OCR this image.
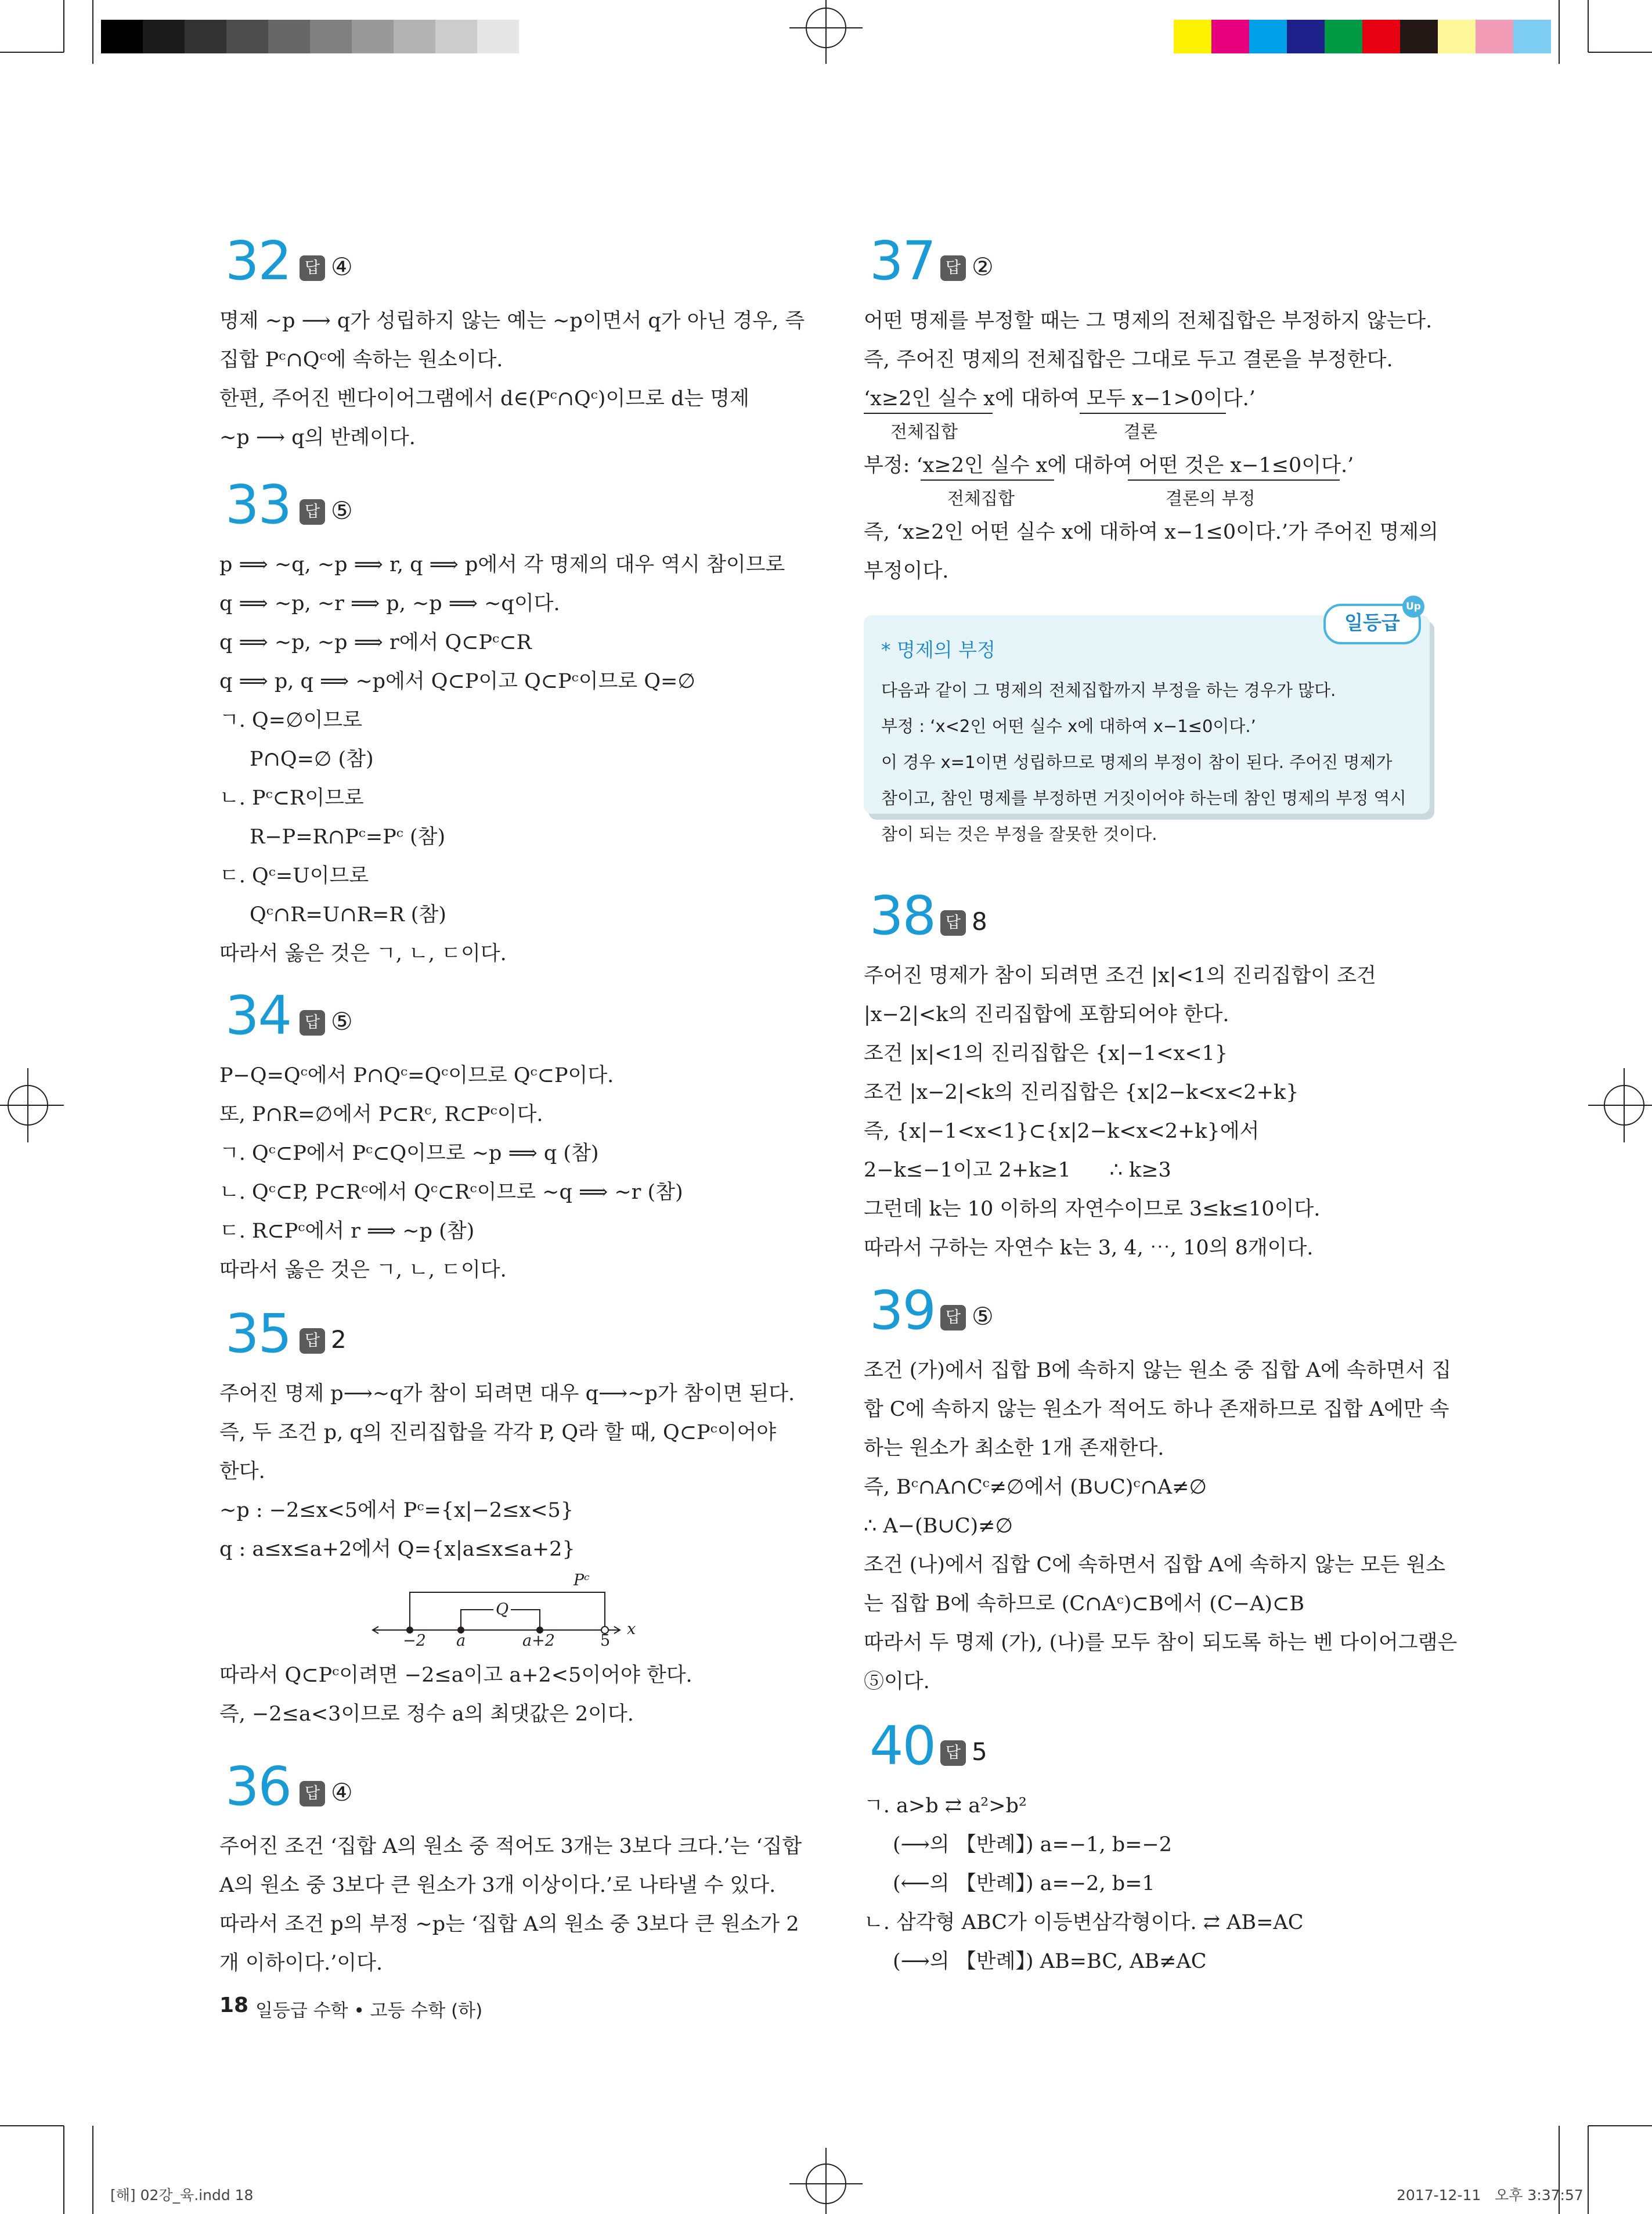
32 답 ④
명제 ~p ⟶ q가 성립하지 않는 예는 ~p이면서 q가 아닌 경우, 즉
집합 Pᶜ∩Qᶜ에 속하는 원소이다.
한편, 주어진 벤다이어그램에서 d∈(Pᶜ∩Qᶜ)이므로 d는 명제
~p ⟶ q의 반례이다.
33 답 ⑤
p ⟹ ~q, ~p ⟹ r, q ⟹ p에서 각 명제의 대우 역시 참이므로
q ⟹ ~p, ~r ⟹ p, ~p ⟹ ~q이다.
q ⟹ ~p, ~p ⟹ r에서 Q⊂Pᶜ⊂R
q ⟹ p, q ⟹ ~p에서 Q⊂P이고 Q⊂Pᶜ이므로 Q=∅
ㄱ. Q=∅이므로
P∩Q=∅ (참)
ㄴ. Pᶜ⊂R이므로
R−P=R∩Pᶜ=Pᶜ (참)
ㄷ. Qᶜ=U이므로
Qᶜ∩R=U∩R=R (참)
따라서 옳은 것은 ㄱ, ㄴ, ㄷ이다.
34 답 ⑤
P−Q=Qᶜ에서 P∩Qᶜ=Qᶜ이므로 Qᶜ⊂P이다.
또, P∩R=∅에서 P⊂Rᶜ, R⊂Pᶜ이다.
ㄱ. Qᶜ⊂P에서 Pᶜ⊂Q이므로 ~p ⟹ q (참)
ㄴ. Qᶜ⊂P, P⊂Rᶜ에서 Qᶜ⊂Rᶜ이므로 ~q ⟹ ~r (참)
ㄷ. R⊂Pᶜ에서 r ⟹ ~p (참)
따라서 옳은 것은 ㄱ, ㄴ, ㄷ이다.
35 답 2
주어진 명제 p⟶~q가 참이 되려면 대우 q⟶~p가 참이면 된다.
즉, 두 조건 p, q의 진리집합을 각각 P, Q라 할 때, Q⊂Pᶜ이어야
한다.
~p : −2≤x<5에서 Pᶜ={x|−2≤x<5}
q : a≤x≤a+2에서 Q={x|a≤x≤a+2}
−2 a	a+2	5
x
Q
Pᶜ
따라서 Q⊂Pᶜ이려면 −2≤a이고 a+2<5이어야 한다.
즉, −2≤a<3이므로 정수 a의 최댓값은 2이다.
36 답 ④
주어진 조건 ‘집합 A의 원소 중 적어도 3개는 3보다 크다.’는 ‘집합
A의 원소 중 3보다 큰 원소가 3개 이상이다.’로 나타낼 수 있다.
따라서 조건 p의 부정 ~p는 ‘집합 A의 원소 중 3보다 큰 원소가 2
개 이하이다.’이다.
37 답 ②
어떤 명제를 부정할 때는 그 명제의 전체집합은 부정하지 않는다.
즉, 주어진 명제의 전체집합은 그대로 두고 결론을 부정한다.
‘x≥2인 실수 x에 대하여 모두 x−1>0이다.’
전체집합	결론
부정: ‘x≥2인 실수 x에 대하여 어떤 것은 x−1≤0이다.’
전체집합	결론의 부정
즉, ‘x≥2인 어떤 실수 x에 대하여 x−1≤0이다.’가 주어진 명제의
부정이다.
일등급
Up
* 명제의 부정
다음과 같이 그 명제의 전체집합까지 부정을 하는 경우가 많다.
부정 : ‘x<2인 어떤 실수 x에 대하여 x−1≤0이다.’
이 경우 x=1이면 성립하므로 명제의 부정이 참이 된다. 주어진 명제가
참이고, 참인 명제를 부정하면 거짓이어야 하는데 참인 명제의 부정 역시
참이 되는 것은 부정을 잘못한 것이다.
38 답 8
주어진 명제가 참이 되려면 조건 |x|<1의 진리집합이 조건
|x−2|<k의 진리집합에 포함되어야 한다.
조건 |x|<1의 진리집합은 {x|−1<x<1}
조건 |x−2|<k의 진리집합은 {x|2−k<x<2+k}
즉, {x|−1<x<1}⊂{x|2−k<x<2+k}에서
2−k≤−1이고 2+k≥1      ∴ k≥3
그런데 k는 10 이하의 자연수이므로 3≤k≤10이다.
따라서 구하는 자연수 k는 3, 4, ⋯, 10의 8개이다.
39 답 ⑤
조건 (가)에서 집합 B에 속하지 않는 원소 중 집합 A에 속하면서 집
합 C에 속하지 않는 원소가 적어도 하나 존재하므로 집합 A에만 속
하는 원소가 최소한 1개 존재한다.
즉, Bᶜ∩A∩Cᶜ≠∅에서 (B∪C)ᶜ∩A≠∅
∴ A−(B∪C)≠∅
조건 (나)에서 집합 C에 속하면서 집합 A에 속하지 않는 모든 원소
는 집합 B에 속하므로 (C∩Aᶜ)⊂B에서 (C−A)⊂B
따라서 두 명제 (가), (나)를 모두 참이 되도록 하는 벤 다이어그램은
⑤이다.
40 답 5
ㄱ. a>b ⇄ a²>b²
(⟶의 【반례】) a=−1, b=−2
(⟵의 【반례】) a=−2, b=1
ㄴ. 삼각형 ABC가 이등변삼각형이다. ⇄ AB=AC
(⟶의 【반례】) AB=BC, AB≠AC
18 일등급 수학 • 고등 수학 (하)
[해] 02강_육.indd 18	2017-12-11   오후 3:37:57
